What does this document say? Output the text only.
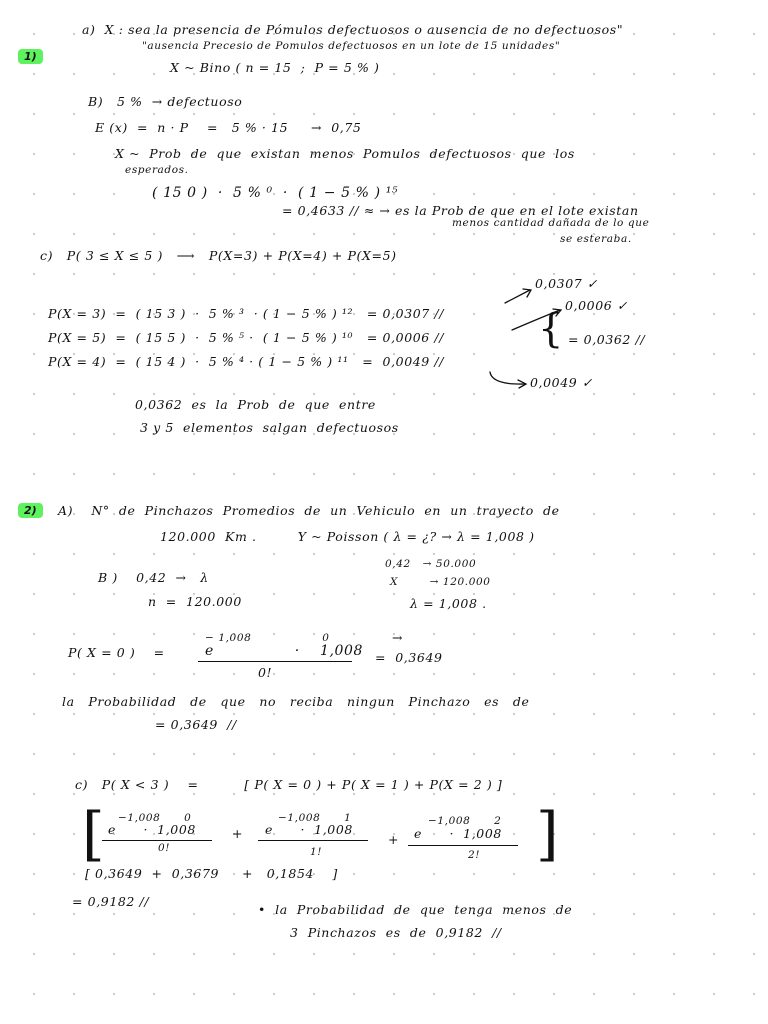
1)
a)  X : sea la presencia de Pómulos defectuosos o ausencia de no defectuosos"
"ausencia Precesio de Pomulos defectuosos en un lote de 15 unidades"
X ~ Bino ( n = 15  ;  P = 5 % )
B)   5 %  → defectuoso
E (x)  =  n · P    =   5 % · 15     →  0,75
X ~  Prob  de  que  existan  menos  Pomulos  defectuosos  que  los
esperados.
( 15 0 )  ·  5 % ⁰  ·  ( 1 − 5 % ) ¹⁵
= 0,4633 // ≈ → es la Prob de que en el lote existan
menos cantidad dañada de lo que
se esteraba.
c)   P( 3 ≤ X ≤ 5 )   ⟶   P(X=3) + P(X=4) + P(X=5)
P(X = 3)  =  ( 15 3 )  ·  5 % ³  · ( 1 − 5 % ) ¹²   = 0,0307 //
P(X = 5)  =  ( 15 5 )  ·  5 % ⁵ ·  ( 1 − 5 % ) ¹⁰   = 0,0006 //
P(X = 4)  =  ( 15 4 )  ·  5 % ⁴ · ( 1 − 5 % ) ¹¹   =  0,0049 //
0,0307 ✓
0,0006 ✓
0,0049 ✓
{ = 0,0362 //
0,0362  es  la  Prob  de  que  entre
3 y 5  elementos  salgan  defectuosos
2)	A)    N°  de  Pinchazos  Promedios  de  un  Vehiculo  en  un  trayecto  de
120.000  Km .         Y ~ Poisson ( λ = ¿? → λ = 1,008 )
0,42   → 50.000
X        → 120.000
λ = 1,008 .
B )    0,42  →   λ
n  =  120.000
P( X = 0 )    =
− 1,008                  0
e                ·    1,008
0!
→
=  0,3649
la   Probabilidad   de   que   no   reciba   ningun   Pinchazo   es   de
= 0,3649  //
c)   P( X < 3 )    =          [ P( X = 0 ) + P( X = 1 ) + P(X = 2 ) ]
[	]
−1,008      0
e      ·  1,008
0!
+
−1,008      1
e      ·  1,008
1!
+
−1,008      2
e      ·  1,008
2!
[ 0,3649  +  0,3679     +   0,1854    ]
= 0,9182 //
•  la  Probabilidad  de  que  tenga  menos  de
3  Pinchazos  es  de  0,9182  //
